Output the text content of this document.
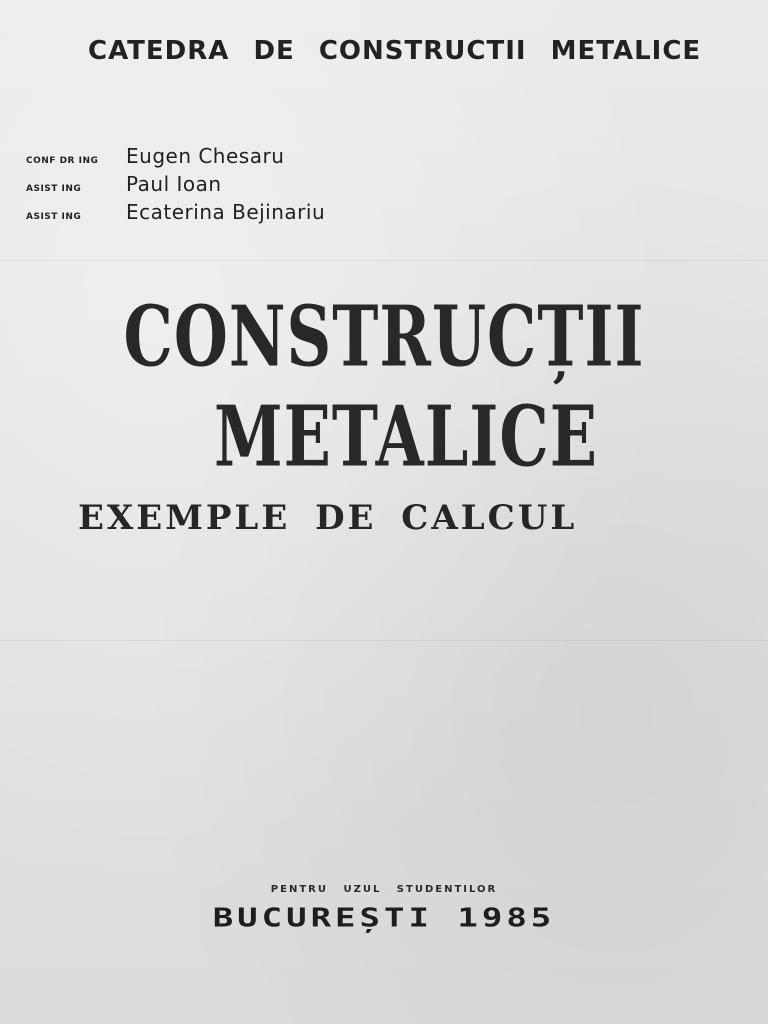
CATEDRA DE CONSTRUCTII METALICE
CONF DR ING	Eugen Chesaru
ASIST ING	Paul Ioan
ASIST ING	Ecaterina Bejinariu
CONSTRUCȚII
METALICE
EXEMPLE DE CALCUL
PENTRU UZUL STUDENTILOR
BUCUREȘTI 1985
